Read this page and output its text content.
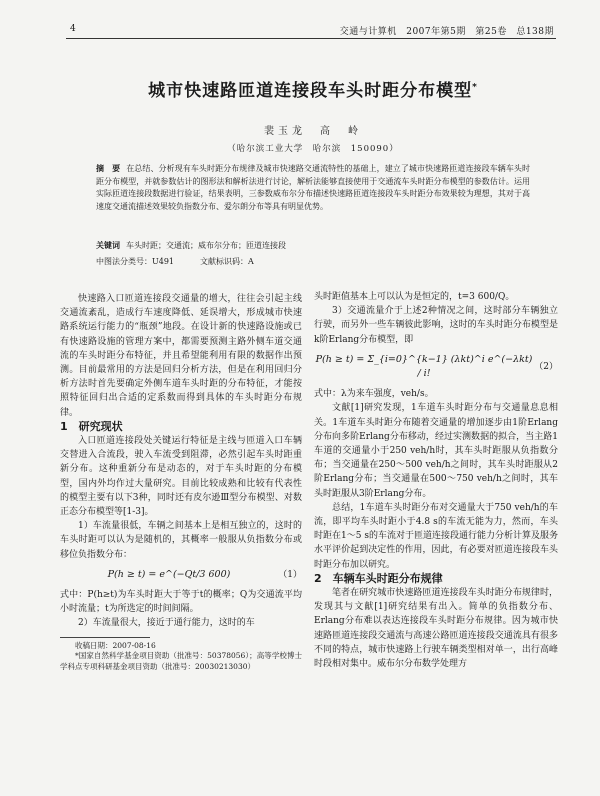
4	交通与计算机　2007年第5期　第25卷　总138期
城市快速路匝道连接段车头时距分布模型*
裴玉龙　高　岭
（哈尔滨工业大学　哈尔滨　150090）
摘　要 在总结、分析现有车头时距分布规律及城市快速路交通流特性的基础上，建立了城市快速路匝道连接段车辆车头时距分布模型，并就参数估计的图形法和解析法进行讨论，解析法能够直接使用于交通流车头时距分布模型的参数估计。运用实际匝道连接段数据进行验证，结果表明，三参数威布尔分布描述快速路匝道连接段车头时距分布效果较为理想，其对于高速度交通流描述效果较负指数分布、爱尔朗分布等具有明显优势。
关键词 车头时距；交通流；威布尔分布；匝道连接段
中图法分类号：U491	文献标识码：A

快速路入口匝道连接段交通量的增大，往往会引起主线交通流紊乱，造成行车速度降低、延误增大，形成城市快速路系统运行能力的“瓶颈”地段。在设计新的快速路设施或已有快速路设施的管理方案中，都需要预测主路外侧车道交通流的车头时距分布特征，并且希望能利用有限的数据作出预测。目前最常用的方法是回归分析方法，但是在利用回归分析方法时首先要确定外侧车道车头时距的分布特征，才能按照特征回归出合适的定系数而得到具体的车头时距分布规律。

1　研究现状

入口匝道连接段处关键运行特征是主线与匝道入口车辆交替进入合流段，驶入车流受到阻滞，必然引起车头时距重新分布。这种重新分布是动态的，对于车头时距的分布模型，国内外均作过大量研究。目前比较成熟和比较有代表性的模型主要有以下3种，同时还有皮尔逊Ⅲ型分布模型、对数正态分布模型等[1-3]。

1）车流量很低，车辆之间基本上是相互独立的，这时的车头时距可以认为是随机的，其概率一般服从负指数分布或移位负指数分布：

P(h ≥ t) = e^(−Qt/3 600)	（1）

式中：P(h≥t)为车头时距大于等于t的概率；Q为交通流平均小时流量；t为所选定的时间间隔。

2）车流量很大，接近于通行能力，这时的车

收稿日期：2007-08-16

*国家自然科学基金项目资助（批准号：50378056）；高等学校博士学科点专项科研基金项目资助（批准号：20030213030）

头时距值基本上可以认为是恒定的，t=3 600/Q。

3）交通流量介于上述2种情况之间，这时部分车辆独立行驶，而另外一些车辆彼此影响，这时的车头时距分布模型是k阶Erlang分布模型，即

P(h ≥ t) = Σ_{i=0}^{k−1} (λkt)^i e^(−λkt) / i!
（2）

式中：λ为来车强度，veh/s。

文献[1]研究发现，1车道车头时距分布与交通量息息相关。1车道车头时距分布随着交通量的增加逐步由1阶Erlang分布向多阶Erlang分布移动，经过实测数据的拟合，当主路1车道的交通量小于250 veh/h时，其车头时距服从负指数分布；当交通量在250～500 veh/h之间时，其车头时距服从2阶Erlang分布；当交通量在500～750 veh/h之间时，其车头时距服从3阶Erlang分布。

总结，1车道车头时距分布对交通量大于750 veh/h的车流，即平均车头时距小于4.8 s的车流无能为力，然而，车头时距在1～5 s的车流对于匝道连接段通行能力分析计算及服务水平评价起到决定性的作用，因此，有必要对匝道连接段车头时距分布加以研究。

2　车辆车头时距分布规律

笔者在研究城市快速路匝道连接段车头时距分布规律时，发现其与文献[1]研究结果有出入。简单的负指数分布、Erlang分布难以表达连接段车头时距分布规律。因为城市快速路匝道连接段交通流与高速公路匝道连接段交通流具有很多不同的特点，城市快速路上行驶车辆类型相对单一，出行高峰时段相对集中。威布尔分布数学处理方
